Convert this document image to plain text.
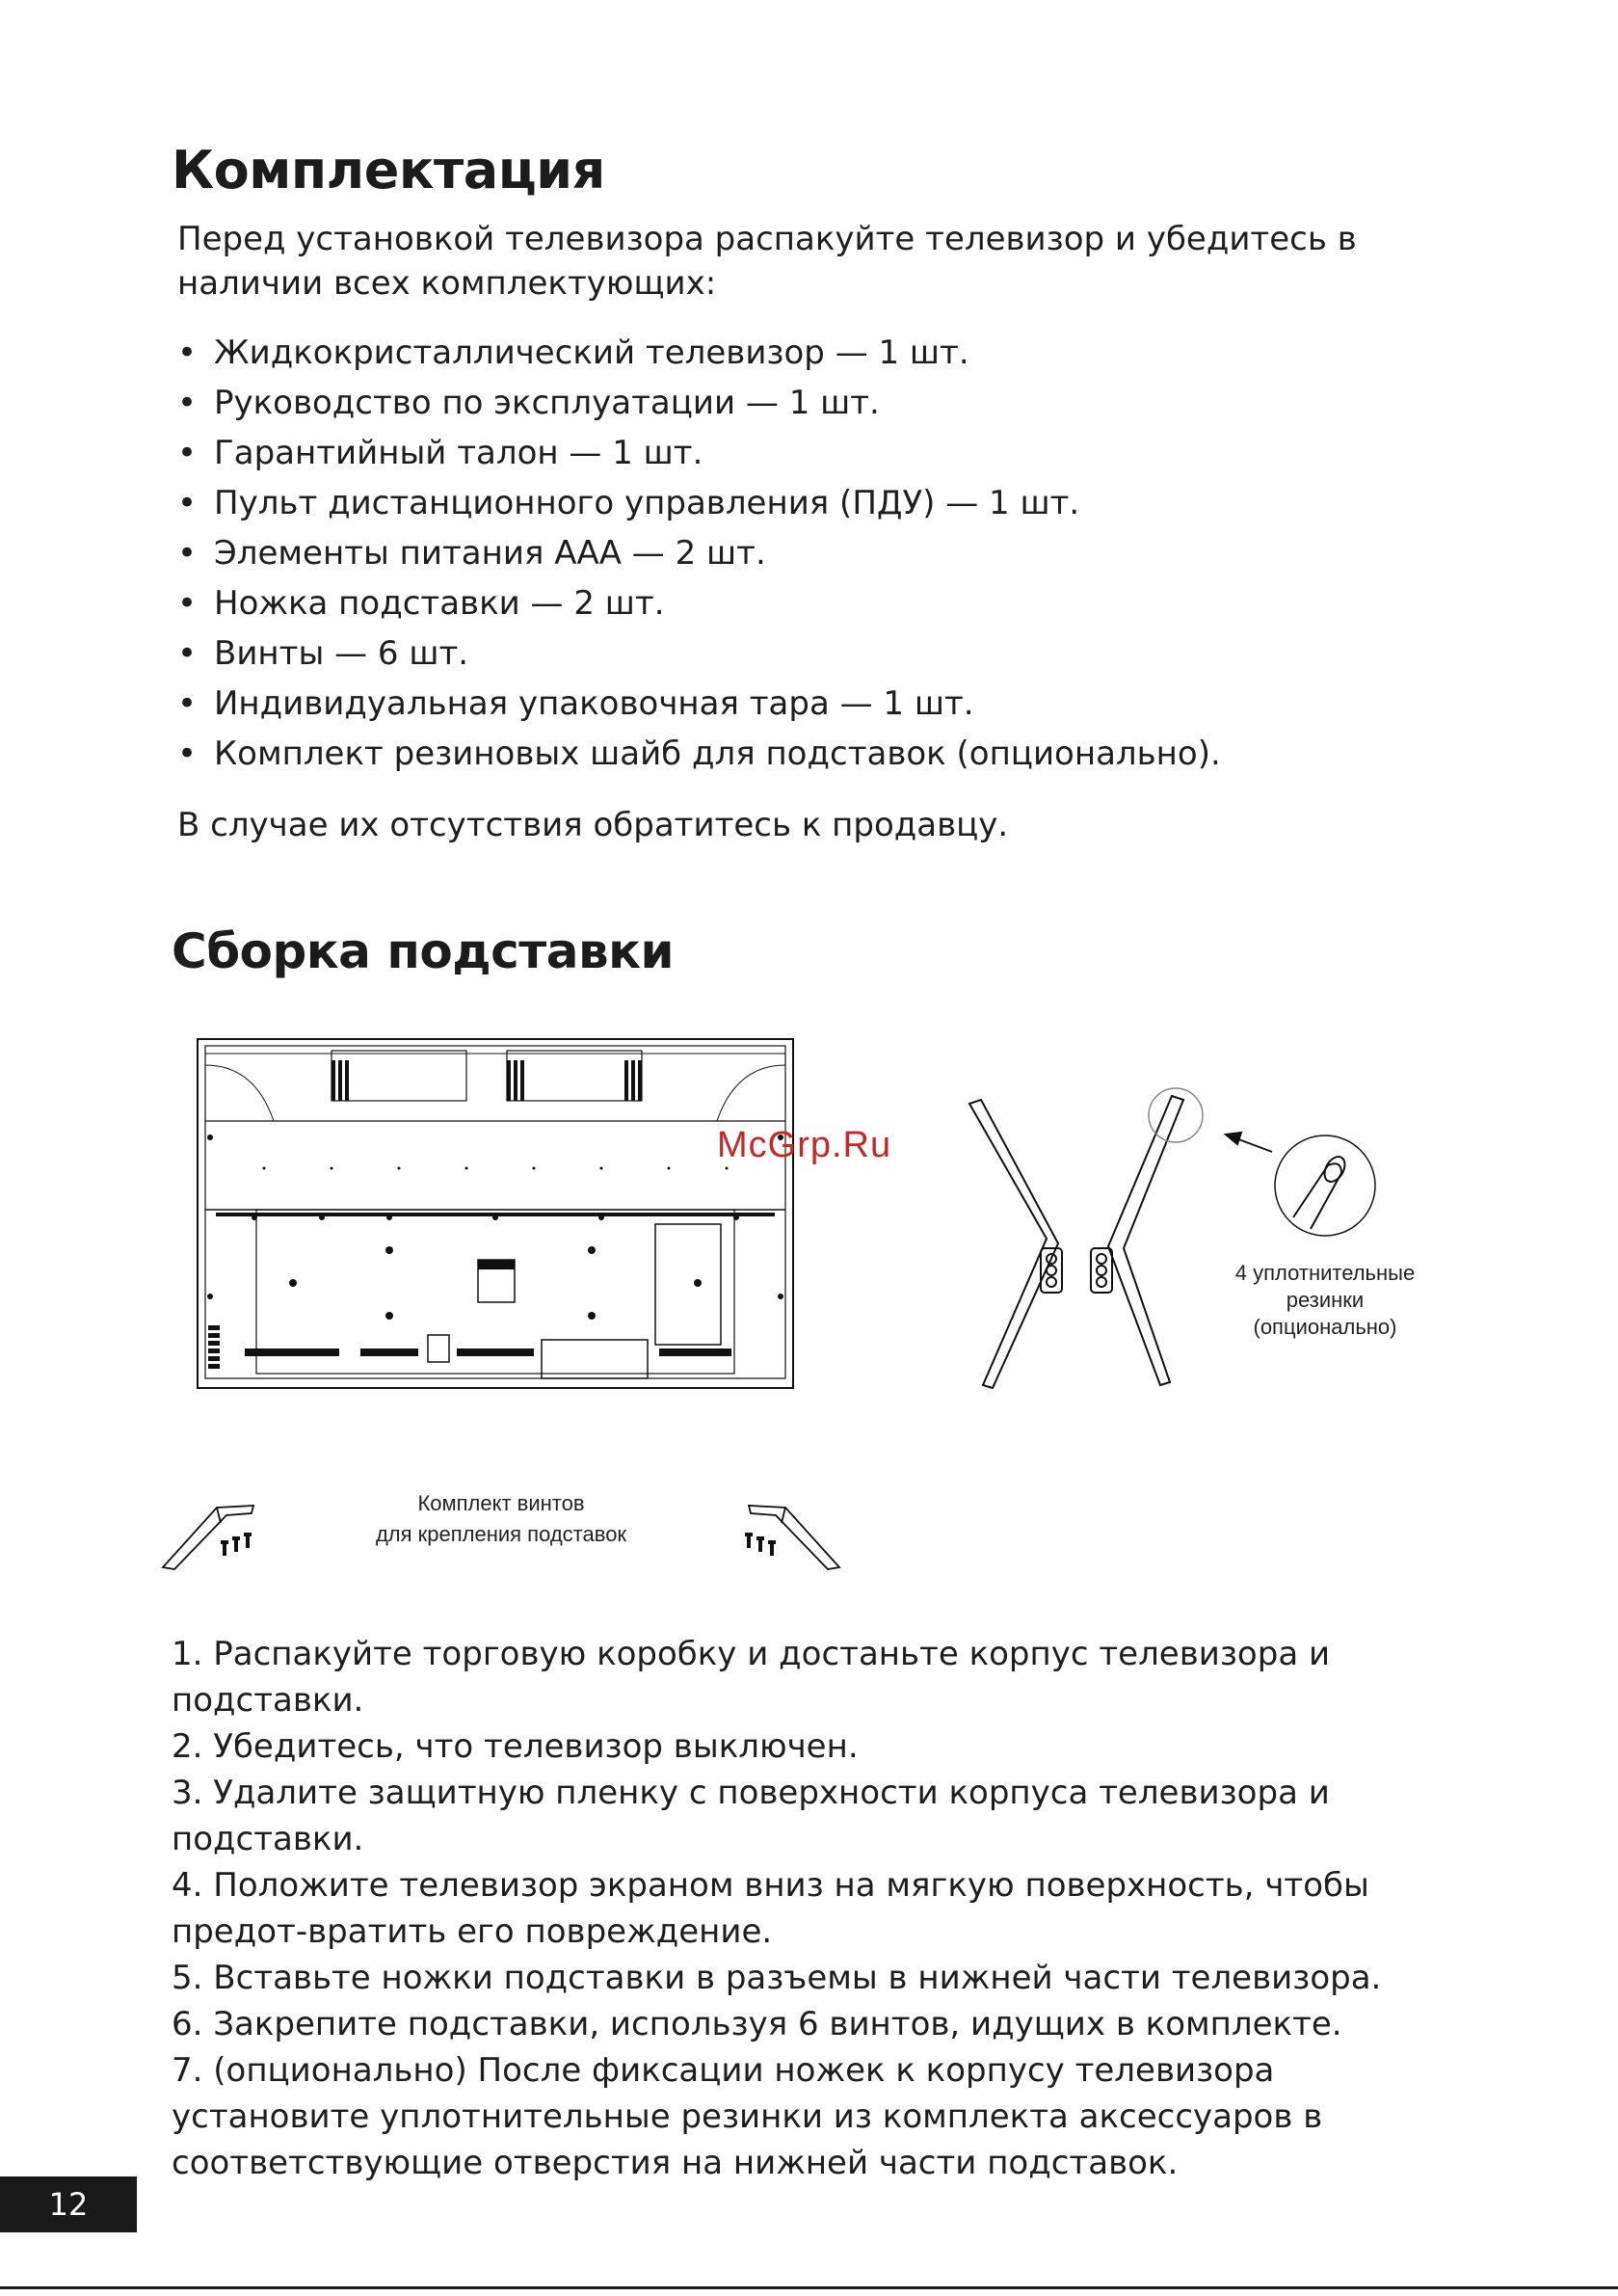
Комплектация

Перед установкой телевизора распакуйте телевизор и убедитесь в наличии всех комплектующих:

• Жидкокристаллический телевизор — 1 шт.
• Руководство по эксплуатации — 1 шт.
• Гарантийный талон — 1 шт.
• Пульт дистанционного управления (ПДУ) — 1 шт.
• Элементы питания ААА — 2 шт.
• Ножка подставки — 2 шт.
• Винты — 6 шт.
• Индивидуальная упаковочная тара — 1 шт.
• Комплект резиновых шайб для подставок (опционально).

В случае их отсутствия обратитесь к продавцу.

Сборка подставки
McGrp.Ru
4 уплотнительные
резинки
(опционально)
Комплект винтов
для крепления подставок
1. Распакуйте торговую коробку и достаньте корпус телевизора и подставки.
2. Убедитесь, что телевизор выключен.
3. Удалите защитную пленку с поверхности корпуса телевизора и подставки.
4. Положите телевизор экраном вниз на мягкую поверхность, чтобы предот-вратить его повреждение.
5. Вставьте ножки подставки в разъемы в нижней части телевизора.
6. Закрепите подставки, используя 6 винтов, идущих в комплекте.
7. (опционально) После фиксации ножек к корпусу телевизора установите уплотнительные резинки из комплекта аксессуаров в соответствующие отверстия на нижней части подставок.
12
